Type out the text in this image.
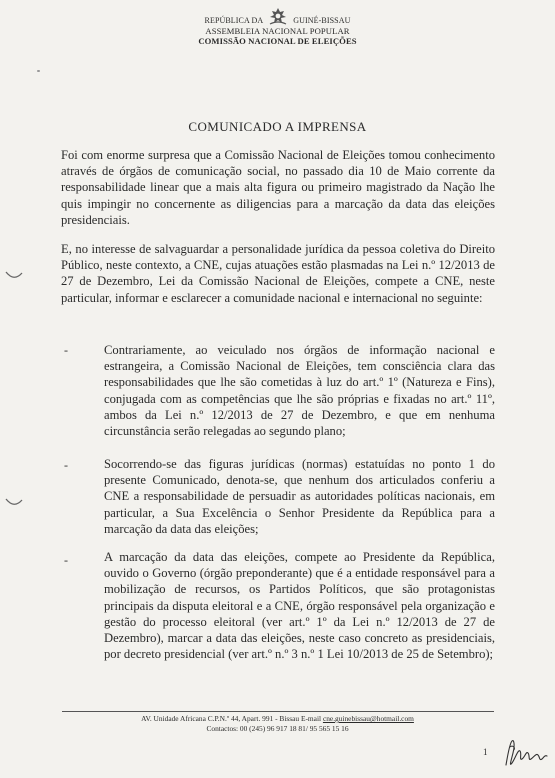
REPÚBLICA DA	GUINÉ-BISSAU
ASSEMBLEIA NACIONAL POPULAR
COMISSÃO NACIONAL DE ELEIÇÕES
COMUNICADO A IMPRENSA
Foi com enorme surpresa que a Comissão Nacional de Eleições tomou conhecimento através de órgãos de comunicação social, no passado dia 10 de Maio corrente da responsabilidade linear que a mais alta figura ou primeiro magistrado da Nação lhe quis impingir no concernente as diligencias para a marcação da data das eleições presidenciais.
E, no interesse de salvaguardar a personalidade jurídica da pessoa coletiva do Direito Público, neste contexto, a CNE, cujas atuações estão plasmadas na Lei n.º 12/2013 de 27 de Dezembro, Lei da Comissão Nacional de Eleições, compete a CNE, neste particular, informar e esclarecer a comunidade nacional e internacional no seguinte:
-	Contrariamente, ao veiculado nos órgãos de informação nacional e estrangeira, a Comissão Nacional de Eleições, tem consciência clara das responsabilidades que lhe são cometidas à luz do art.º 1º (Natureza e Fins), conjugada com as competências que lhe são próprias e fixadas no art.º 11º, ambos da Lei n.º 12/2013 de 27 de Dezembro, e que em nenhuma circunstância serão relegadas ao segundo plano;
-	Socorrendo-se das figuras jurídicas (normas) estatuídas no ponto 1 do presente Comunicado, denota-se, que nenhum dos articulados conferiu a CNE a responsabilidade de persuadir as autoridades políticas nacionais, em particular, a Sua Excelência o Senhor Presidente da República para a marcação da data das eleições;
-	A marcação da data das eleições, compete ao Presidente da República, ouvido o Governo (órgão preponderante) que é a entidade responsável para a mobilização de recursos, os Partidos Políticos, que são protagonistas principais da disputa eleitoral e a CNE, órgão responsável pela organização e gestão do processo eleitoral (ver art.º 1º da Lei n.º 12/2013 de 27 de Dezembro), marcar a data das eleições, neste caso concreto as presidenciais, por decreto presidencial (ver art.º n.º 3 n.º 1 Lei 10/2013 de 25 de Setembro);
AV. Unidade Africana C.P.N.º 44, Apart. 991 - Bissau E-mail cne.guinebissau@hotmail.com
Contactos: 00 (245) 96 917 18 81/ 95 565 15 16
1
